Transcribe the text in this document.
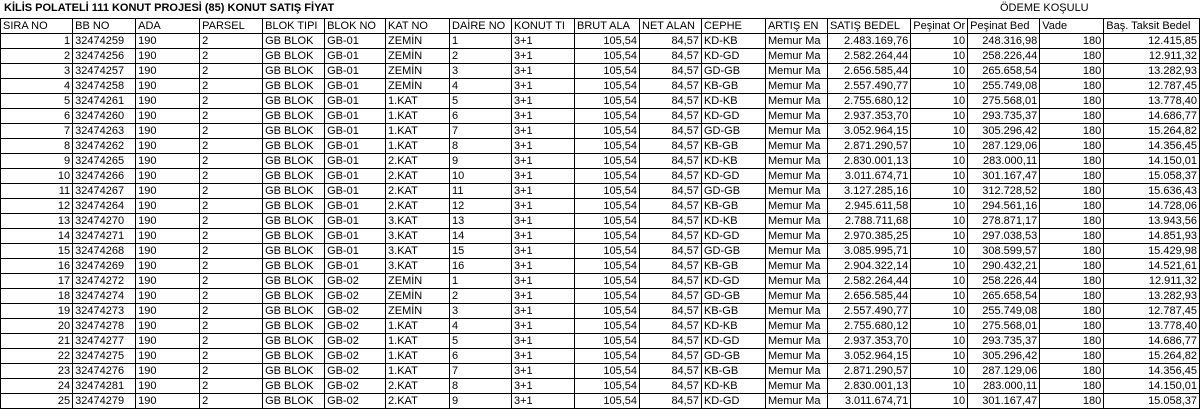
KİLİS POLATELİ 111 KONUT PROJESİ (85) KONUT SATIŞ FİYAT	ÖDEME KOŞULU
SIRA NO	BB NO	ADA	PARSEL	BLOK TIPI	BLOK NO	KAT NO	DAİRE NO	KONUT TI	BRUT ALA	NET ALAN	CEPHE	ARTIŞ EN	SATIŞ BEDEL	Peşinat Or	Peşinat Bed	Vade	Baş. Taksit Bedel
1	32474259	190	2	GB BLOK	GB-01	ZEMİN	1	3+1	105,54	84,57	KD-KB	Memur Ma	2.483.169,76	10	248.316,98	180	12.415,85
2	32474256	190	2	GB BLOK	GB-01	ZEMİN	2	3+1	105,54	84,57	KD-GD	Memur Ma	2.582.264,44	10	258.226,44	180	12.911,32
3	32474257	190	2	GB BLOK	GB-01	ZEMİN	3	3+1	105,54	84,57	GD-GB	Memur Ma	2.656.585,44	10	265.658,54	180	13.282,93
4	32474258	190	2	GB BLOK	GB-01	ZEMİN	4	3+1	105,54	84,57	KB-GB	Memur Ma	2.557.490,77	10	255.749,08	180	12.787,45
5	32474261	190	2	GB BLOK	GB-01	1.KAT	5	3+1	105,54	84,57	KD-KB	Memur Ma	2.755.680,12	10	275.568,01	180	13.778,40
6	32474260	190	2	GB BLOK	GB-01	1.KAT	6	3+1	105,54	84,57	KD-GD	Memur Ma	2.937.353,70	10	293.735,37	180	14.686,77
7	32474263	190	2	GB BLOK	GB-01	1.KAT	7	3+1	105,54	84,57	GD-GB	Memur Ma	3.052.964,15	10	305.296,42	180	15.264,82
8	32474262	190	2	GB BLOK	GB-01	1.KAT	8	3+1	105,54	84,57	KB-GB	Memur Ma	2.871.290,57	10	287.129,06	180	14.356,45
9	32474265	190	2	GB BLOK	GB-01	2.KAT	9	3+1	105,54	84,57	KD-KB	Memur Ma	2.830.001,13	10	283.000,11	180	14.150,01
10	32474266	190	2	GB BLOK	GB-01	2.KAT	10	3+1	105,54	84,57	KD-GD	Memur Ma	3.011.674,71	10	301.167,47	180	15.058,37
11	32474267	190	2	GB BLOK	GB-01	2.KAT	11	3+1	105,54	84,57	GD-GB	Memur Ma	3.127.285,16	10	312.728,52	180	15.636,43
12	32474264	190	2	GB BLOK	GB-01	2.KAT	12	3+1	105,54	84,57	KB-GB	Memur Ma	2.945.611,58	10	294.561,16	180	14.728,06
13	32474270	190	2	GB BLOK	GB-01	3.KAT	13	3+1	105,54	84,57	KD-KB	Memur Ma	2.788.711,68	10	278.871,17	180	13.943,56
14	32474271	190	2	GB BLOK	GB-01	3.KAT	14	3+1	105,54	84,57	KD-GD	Memur Ma	2.970.385,25	10	297.038,53	180	14.851,93
15	32474268	190	2	GB BLOK	GB-01	3.KAT	15	3+1	105,54	84,57	GD-GB	Memur Ma	3.085.995,71	10	308.599,57	180	15.429,98
16	32474269	190	2	GB BLOK	GB-01	3.KAT	16	3+1	105,54	84,57	KB-GB	Memur Ma	2.904.322,14	10	290.432,21	180	14.521,61
17	32474272	190	2	GB BLOK	GB-02	ZEMİN	1	3+1	105,54	84,57	KD-GD	Memur Ma	2.582.264,44	10	258.226,44	180	12.911,32
18	32474274	190	2	GB BLOK	GB-02	ZEMİN	2	3+1	105,54	84,57	GD-GB	Memur Ma	2.656.585,44	10	265.658,54	180	13.282,93
19	32474273	190	2	GB BLOK	GB-02	ZEMİN	3	3+1	105,54	84,57	KB-GB	Memur Ma	2.557.490,77	10	255.749,08	180	12.787,45
20	32474278	190	2	GB BLOK	GB-02	1.KAT	4	3+1	105,54	84,57	KD-KB	Memur Ma	2.755.680,12	10	275.568,01	180	13.778,40
21	32474277	190	2	GB BLOK	GB-02	1.KAT	5	3+1	105,54	84,57	KD-GD	Memur Ma	2.937.353,70	10	293.735,37	180	14.686,77
22	32474275	190	2	GB BLOK	GB-02	1.KAT	6	3+1	105,54	84,57	GD-GB	Memur Ma	3.052.964,15	10	305.296,42	180	15.264,82
23	32474276	190	2	GB BLOK	GB-02	1.KAT	7	3+1	105,54	84,57	KB-GB	Memur Ma	2.871.290,57	10	287.129,06	180	14.356,45
24	32474281	190	2	GB BLOK	GB-02	2.KAT	8	3+1	105,54	84,57	KD-KB	Memur Ma	2.830.001,13	10	283.000,11	180	14.150,01
25	32474279	190	2	GB BLOK	GB-02	2.KAT	9	3+1	105,54	84,57	KD-GD	Memur Ma	3.011.674,71	10	301.167,47	180	15.058,37
